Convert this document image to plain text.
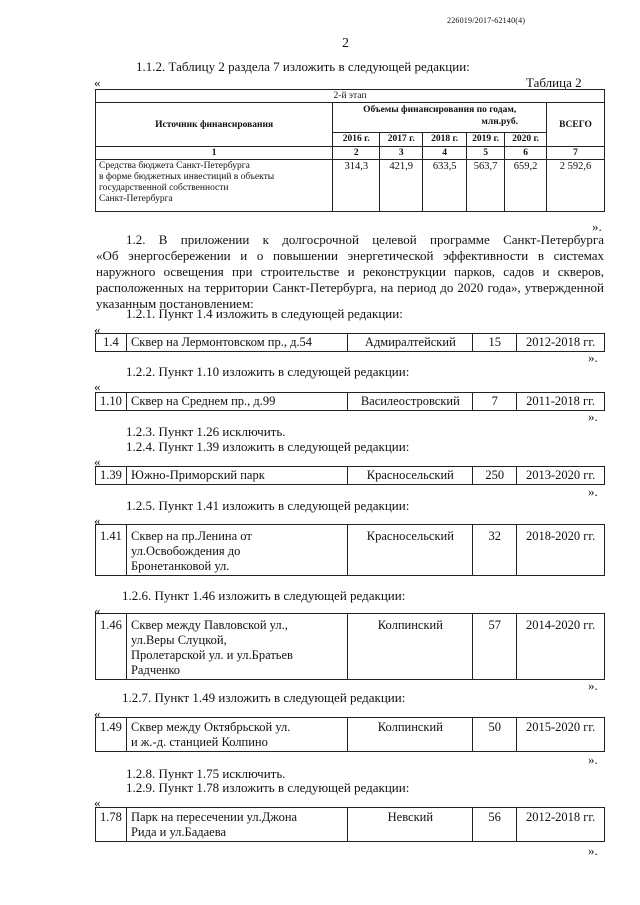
226019/2017-62140(4)
2
1.1.2. Таблицу 2 раздела 7 изложить в следующей редакции:
«	Таблица 2
2-й этап						
Источник финансирования	Объемы финансирования по годам,
млн.руб.					ВСЕГО
	2016 г.	2017 г.	2018 г.	2019 г.	2020 г.	
1	2	3	4	5	6	7
Средства бюджета Санкт-Петербурга
в форме бюджетных инвестиций в объекты
государственной собственности
Санкт-Петербурга	314,3	421,9	633,5	563,7	659,2	2 592,6
».
1.2. В приложении к долгосрочной целевой программе Санкт-Петербурга
«Об энергосбережении и о повышении энергетической эффективности в системах
наружного освещения при строительстве и реконструкции парков, садов и скверов,
расположенных на территории Санкт-Петербурга, на период до 2020 года», утвержденной
указанным постановлением:
1.2.1. Пункт 1.4 изложить в следующей редакции:
«
1.4	Сквер на Лермонтовском пр., д.54	Адмиралтейский	15	2012-2018 гг.
».
1.2.2. Пункт 1.10 изложить в следующей редакции:
«
1.10	Сквер на Среднем пр., д.99	Василеостровский	7	2011-2018 гг.
».
1.2.3. Пункт 1.26 исключить.
1.2.4. Пункт 1.39 изложить в следующей редакции:
«
1.39	Южно-Приморский парк	Красносельский	250	2013-2020 гг.
».
1.2.5. Пункт 1.41 изложить в следующей редакции:
«
1.41	Сквер на пр.Ленина от
ул.Освобождения до
Бронетанковой ул.	Красносельский	32	2018-2020 гг.
1.2.6. Пункт 1.46 изложить в следующей редакции:
«
1.46	Сквер между Павловской ул.,
ул.Веры Слуцкой,
Пролетарской ул. и ул.Братьев
Радченко	Колпинский	57	2014-2020 гг.
».
1.2.7. Пункт 1.49 изложить в следующей редакции:
«
1.49	Сквер между Октябрьской ул.
и ж.-д. станцией Колпино	Колпинский	50	2015-2020 гг.
».
1.2.8. Пункт 1.75 исключить.
1.2.9. Пункт 1.78 изложить в следующей редакции:
«
1.78	Парк на пересечении ул.Джона
Рида и ул.Бадаева	Невский	56	2012-2018 гг.
».
